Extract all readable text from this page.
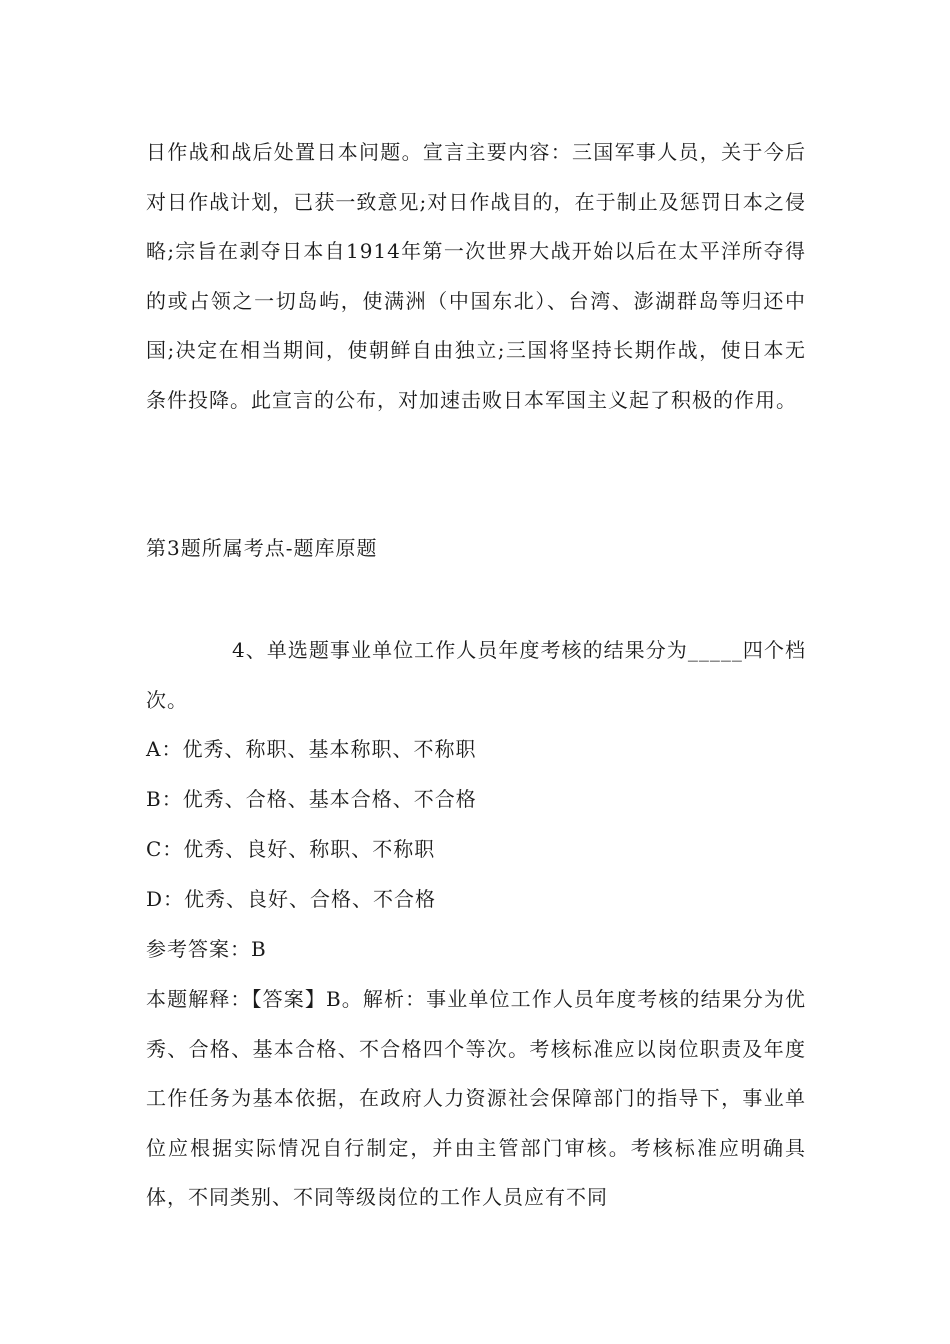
日作战和战后处置日本问题。宣言主要内容：三国军事人员，关于今后对日作战计划，已获一致意见;对日作战目的，在于制止及惩罚日本之侵略;宗旨在剥夺日本自1914年第一次世界大战开始以后在太平洋所夺得的或占领之一切岛屿，使满洲（中国东北）、台湾、澎湖群岛等归还中国;决定在相当期间，使朝鲜自由独立;三国将坚持长期作战，使日本无条件投降。此宣言的公布，对加速击败日本军国主义起了积极的作用。
第3题所属考点-题库原题
4、单选题事业单位工作人员年度考核的结果分为_____四个档次。
A：优秀、称职、基本称职、不称职
B：优秀、合格、基本合格、不合格
C：优秀、良好、称职、不称职
D：优秀、良好、合格、不合格
参考答案：B
本题解释：【答案】B。解析：事业单位工作人员年度考核的结果分为优秀、合格、基本合格、不合格四个等次。考核标准应以岗位职责及年度工作任务为基本依据，在政府人力资源社会保障部门的指导下，事业单位应根据实际情况自行制定，并由主管部门审核。考核标准应明确具体，不同类别、不同等级岗位的工作人员应有不同
